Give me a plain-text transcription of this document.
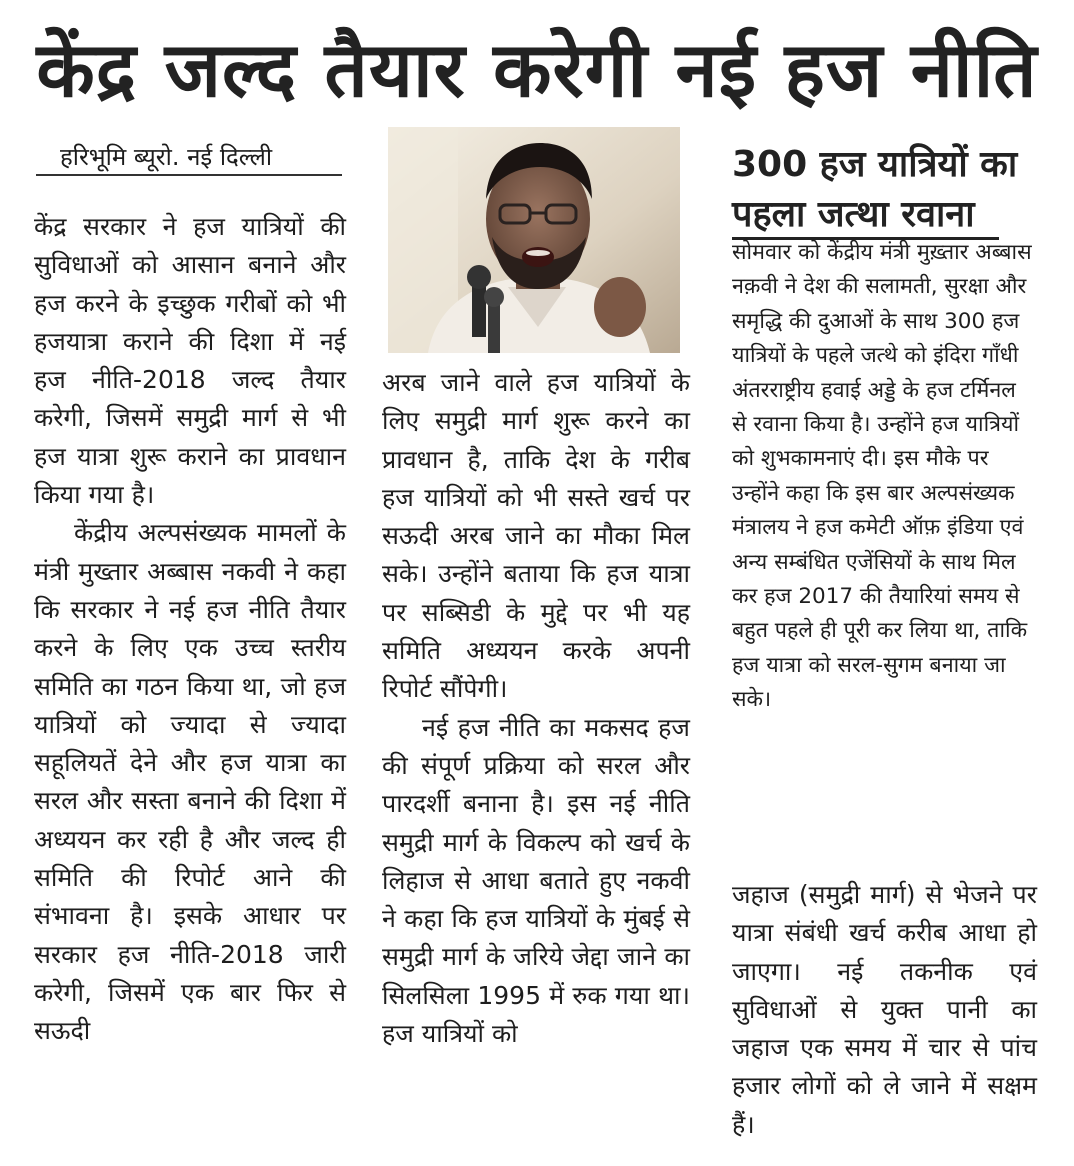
केंद्र जल्द तैयार करेगी नई हज नीति
हरिभूमि ब्यूरो. नई दिल्ली

केंद्र सरकार ने हज यात्रियों की सुविधाओं को आसान बनाने और हज करने के इच्छुक गरीबों को भी हजयात्रा कराने की दिशा में नई हज नीति-2018 जल्द तैयार करेगी, जिसमें समुद्री मार्ग से भी हज यात्रा शुरू कराने का प्रावधान किया गया है।

केंद्रीय अल्पसंख्यक मामलों के मंत्री मुख्तार अब्बास नकवी ने कहा कि सरकार ने नई हज नीति तैयार करने के लिए एक उच्च स्तरीय समिति का गठन किया था, जो हज यात्रियों को ज्यादा से ज्यादा सहूलियतें देने और हज यात्रा का सरल और सस्ता बनाने की दिशा में अध्ययन कर रही है और जल्द ही समिति की रिपोर्ट आने की संभावना है। इसके आधार पर सरकार हज नीति-2018 जारी करेगी, जिसमें एक बार फिर से सऊदी

अरब जाने वाले हज यात्रियों के लिए समुद्री मार्ग शुरू करने का प्रावधान है, ताकि देश के गरीब हज यात्रियों को भी सस्ते खर्च पर सऊदी अरब जाने का मौका मिल सके। उन्होंने बताया कि हज यात्रा पर सब्सिडी के मुद्दे पर भी यह समिति अध्ययन करके अपनी रिपोर्ट सौंपेगी।

नई हज नीति का मकसद हज की संपूर्ण प्रक्रिया को सरल और पारदर्शी बनाना है। इस नई नीति समुद्री मार्ग के विकल्प को खर्च के लिहाज से आधा बताते हुए नकवी ने कहा कि हज यात्रियों के मुंबई से समुद्री मार्ग के जरिये जेद्दा जाने का सिलसिला 1995 में रुक गया था। हज यात्रियों को

300 हज यात्रियों का
पहला जत्था रवाना

सोमवार को केंद्रीय मंत्री मुख़्तार अब्बास नक़वी ने देश की सलामती, सुरक्षा और समृद्धि की दुआओं के साथ 300 हज यात्रियों के पहले जत्थे को इंदिरा गाँधी अंतरराष्ट्रीय हवाई अड्डे के हज टर्मिनल से रवाना किया है। उन्होंने हज यात्रियों को शुभकामनाएं दी। इस मौके पर उन्होंने कहा कि इस बार अल्पसंख्यक मंत्रालय ने हज कमेटी ऑफ़ इंडिया एवं अन्य सम्बंधित एजेंसियों के साथ मिल कर हज 2017 की तैयारियां समय से बहुत पहले ही पूरी कर लिया था, ताकि हज यात्रा को सरल-सुगम बनाया जा सके।

जहाज (समुद्री मार्ग) से भेजने पर यात्रा संबंधी खर्च करीब आधा हो जाएगा। नई तकनीक एवं सुविधाओं से युक्त पानी का जहाज एक समय में चार से पांच हजार लोगों को ले जाने में सक्षम हैं।
